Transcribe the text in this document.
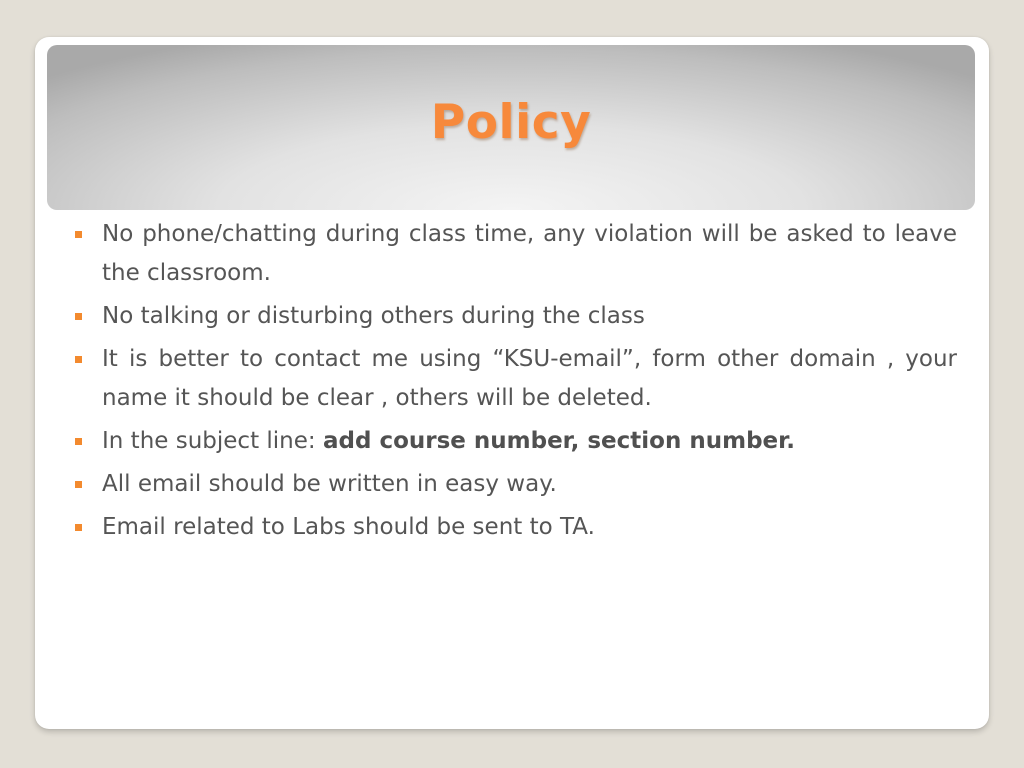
Policy
No phone/chatting during class time, any violation will be asked to leave the classroom.
No talking or disturbing others during the class
It is better to contact me using “KSU-email”, form other domain , your name it should be clear , others will be deleted.
In the subject line: add course number, section number.
All email should be written in easy way.
Email related to Labs should be sent to TA.
